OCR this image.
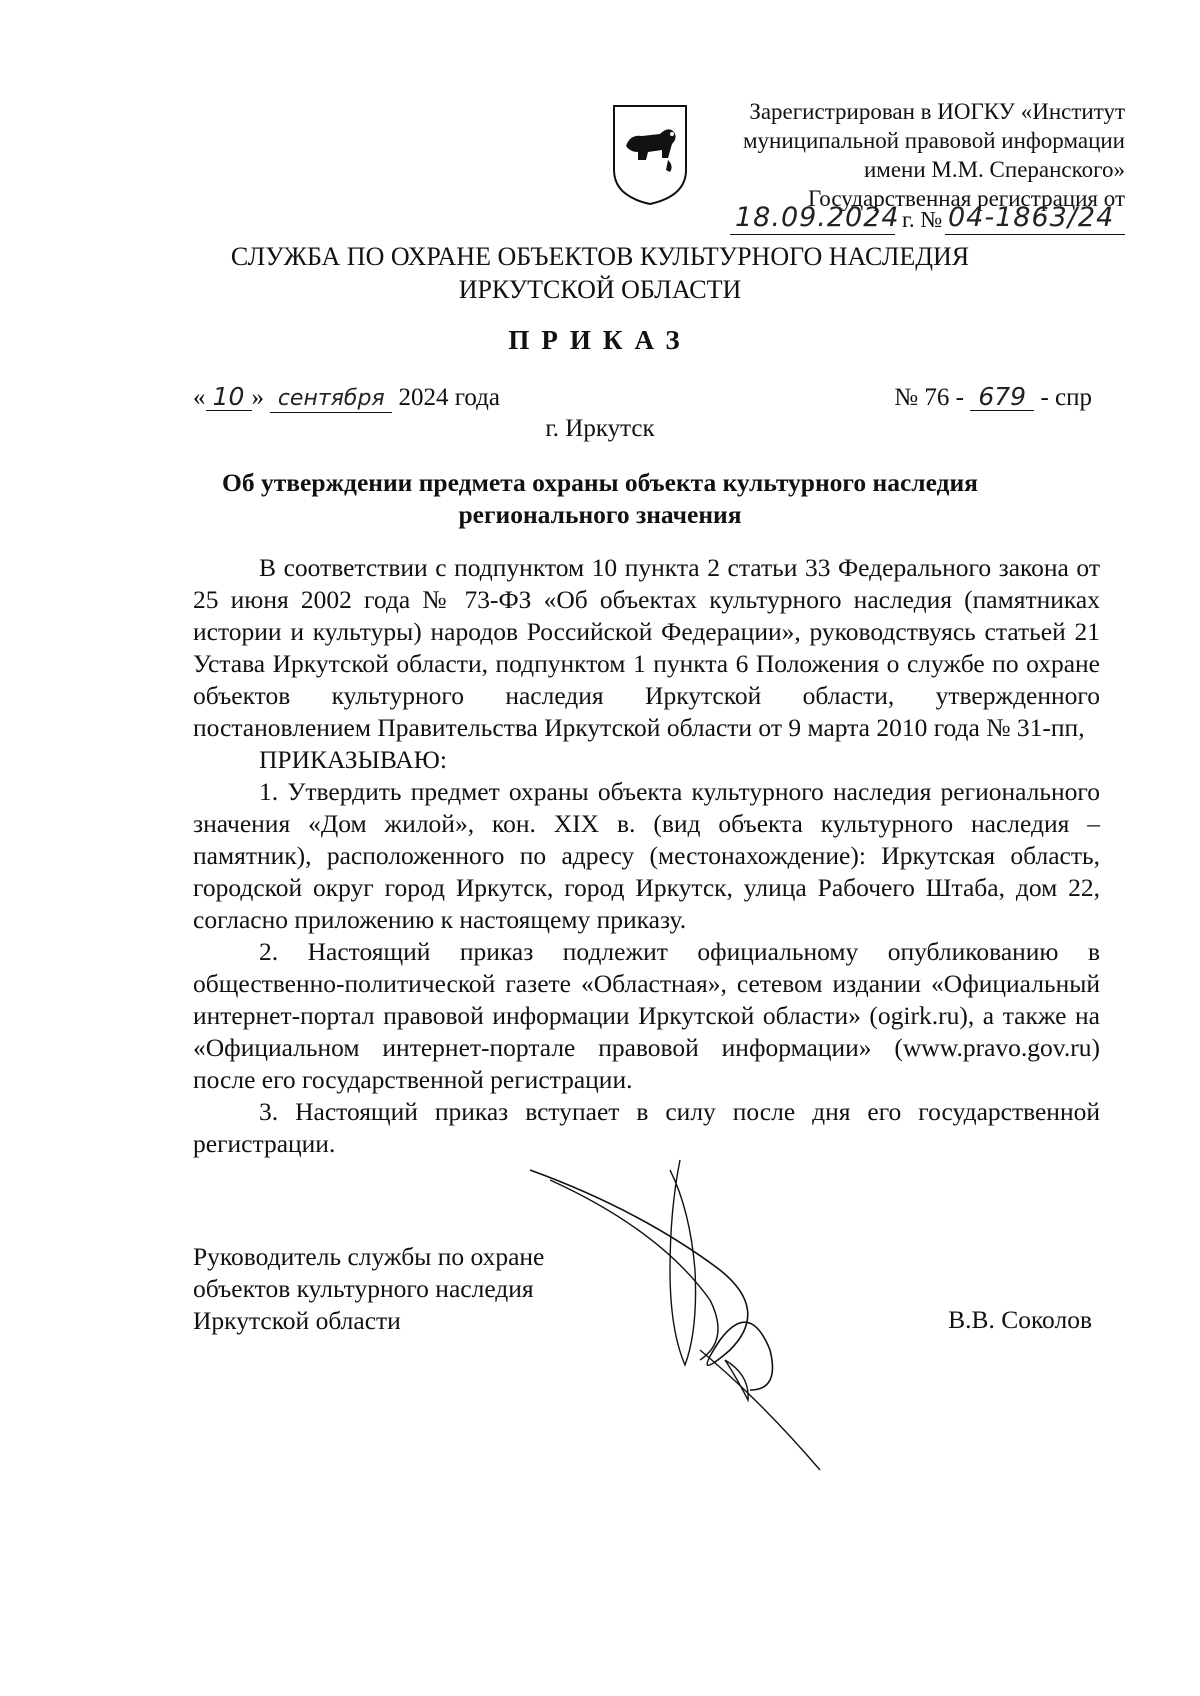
Зарегистрирован в ИОГКУ «Институт
муниципальной правовой информации
имени М.М. Сперанского»
Государственная регистрация от
18.09.2024 г. № 04-1863/24
СЛУЖБА ПО ОХРАНЕ ОБЪЕКТОВ КУЛЬТУРНОГО НАСЛЕДИЯ
ИРКУТСКОЙ ОБЛАСТИ
ПРИКАЗ
« 10 » сентября 2024 года	№ 76 - 679 - спр
г. Иркутск
Об утверждении предмета охраны объекта культурного наследия
регионального значения

В соответствии с подпунктом 10 пункта 2 статьи 33 Федерального закона от 25 июня 2002 года № 73-ФЗ «Об объектах культурного наследия (памятниках истории и культуры) народов Российской Федерации», руководствуясь статьей 21 Устава Иркутской области, подпунктом 1 пункта 6 Положения о службе по охране объектов культурного наследия Иркутской области, утвержденного постановлением Правительства Иркутской области от 9 марта 2010 года № 31-пп,

ПРИКАЗЫВАЮ:

1. Утвердить предмет охраны объекта культурного наследия регионального значения «Дом жилой», кон. XIX в. (вид объекта культурного наследия – памятник), расположенного по адресу (местонахождение): Иркутская область, городской округ город Иркутск, город Иркутск, улица Рабочего Штаба, дом 22, согласно приложению к настоящему приказу.

2. Настоящий приказ подлежит официальному опубликованию в общественно-политической газете «Областная», сетевом издании «Официальный интернет-портал правовой информации Иркутской области» (ogirk.ru), а также на «Официальном интернет-портале правовой информации» (www.pravo.gov.ru) после его государственной регистрации.

3. Настоящий приказ вступает в силу после дня его государственной регистрации.

Руководитель службы по охране
объектов культурного наследия
Иркутской области	В.В. Соколов
